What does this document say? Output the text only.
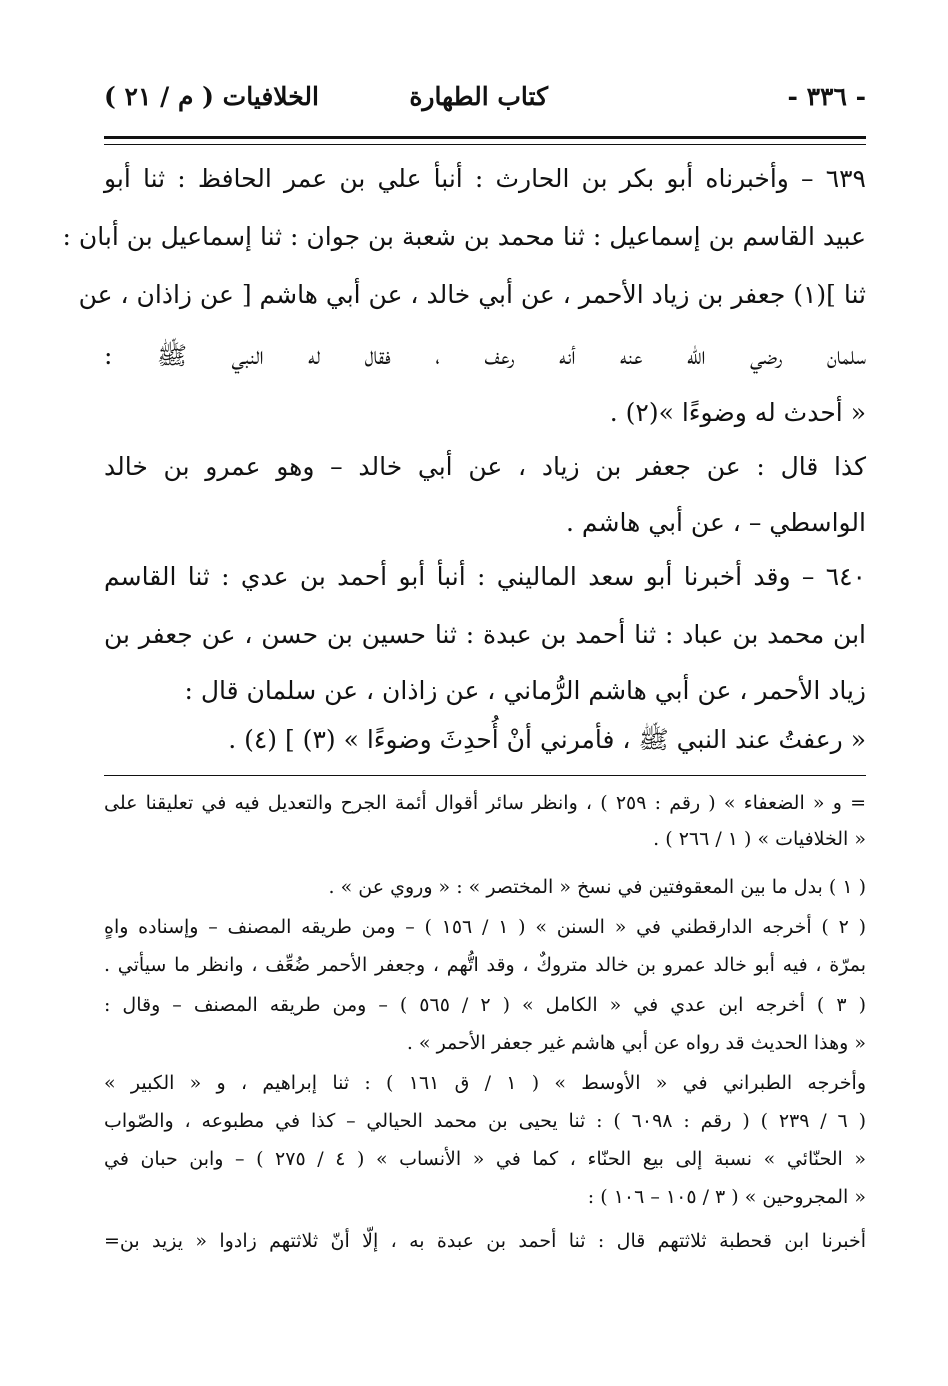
- ٣٣٦ -
كتاب الطهارة
الخلافيات ( م / ٢١ )
٦٣٩ – وأخبرناه أبو بكر بن الحارث : أنبأ علي بن عمر الحافظ : ثنا أبو
عبيد القاسم بن إسماعيل : ثنا محمد بن شعبة بن جوان : ثنا إسماعيل بن أبان :
ثنا ](١) جعفر بن زياد الأحمر ، عن أبي خالد ، عن أبي هاشم [ عن زاذان ، عن
سلمان رضي الله عنه أنه رعف ، فقال له النبي ﷺ :
« أحدث له وضوءًا »(٢) .
كذا قال : عن جعفر بن زياد ، عن أبي خالد – وهو عمرو بن خالد
الواسطي – ، عن أبي هاشم .
٦٤٠ – وقد أخبرنا أبو سعد الماليني : أنبأ أبو أحمد بن عدي : ثنا القاسم
ابن محمد بن عباد : ثنا أحمد بن عبدة : ثنا حسين بن حسن ، عن جعفر بن
زياد الأحمر ، عن أبي هاشم الرُّماني ، عن زاذان ، عن سلمان قال :
« رعفتُ عند النبي ﷺ ، فأمرني أنْ أُحدِثَ وضوءًا » (٣) ] (٤) .
= و « الضعفاء » ( رقم : ٢٥٩ ) ، وانظر سائر أقوال أئمة الجرح والتعديل فيه في تعليقنا على
« الخلافيات » ( ١ / ٢٦٦ ) .
( ١ ) بدل ما بين المعقوفتين في نسخ « المختصر » : « وروي عن » .
( ٢ ) أخرجه الدارقطني في « السنن » ( ١ / ١٥٦ ) – ومن طريقه المصنف – وإسناده واهٍ
بمرّة ، فيه أبو خالد عمرو بن خالد متروكٌ ، وقد اتُّهم ، وجعفر الأحمر ضُعِّف ، وانظر ما سيأتي .
( ٣ ) أخرجه ابن عدي في « الكامل » ( ٢ / ٥٦٥ ) – ومن طريقه المصنف – وقال :
« وهذا الحديث قد رواه عن أبي هاشم غير جعفر الأحمر » .
وأخرجه الطبراني في « الأوسط » ( ١ / ق ١٦١ ) : ثنا إبراهيم ، و « الكبير »
( ٦ / ٢٣٩ ) ( رقم : ٦٠٩٨ ) : ثنا يحيى بن محمد الحيالي – كذا في مطبوعه ، والصّواب
« الحنّائي » نسبة إلى بيع الحنّاء ، كما في « الأنساب » ( ٤ / ٢٧٥ ) – وابن حبان في
« المجروحين » ( ٣ / ١٠٥ – ١٠٦ ) :
أخبرنا ابن قحطبة ثلاثتهم قال : ثنا أحمد بن عبدة به ، إلّا أنّ ثلاثتهم زادوا « يزيد بن=
